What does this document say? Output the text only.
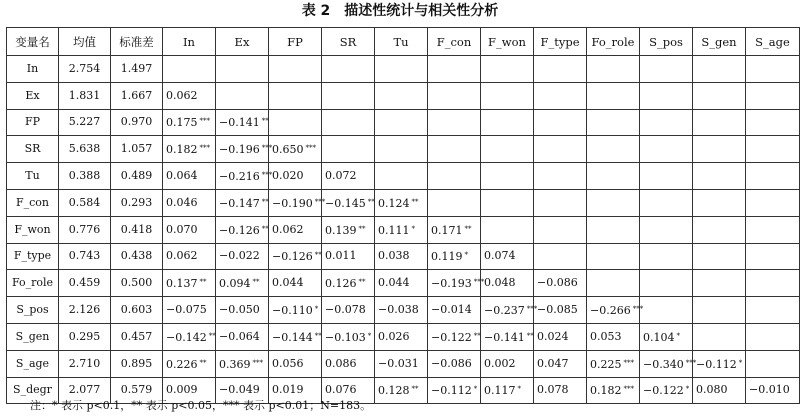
表 2　描述性统计与相关性分析
变量名	均值	标准差	In	Ex	FP	SR	Tu	F_con	F_won	F_type	Fo_role	S_pos	S_gen	S_age
In	2.754	1.497												
Ex	1.831	1.667	0.062											
FP	5.227	0.970	0.175 ***	−0.141 **										
SR	5.638	1.057	0.182 ***	−0.196 ***	0.650 ***									
Tu	0.388	0.489	0.064	−0.216 ***	0.020	0.072								
F_con	0.584	0.293	0.046	−0.147 **	−0.190 ***	−0.145 **	0.124 **							
F_won	0.776	0.418	0.070	−0.126 **	0.062	0.139 **	0.111 *	0.171 **						
F_type	0.743	0.438	0.062	−0.022	−0.126 **	0.011	0.038	0.119 *	0.074					
Fo_role	0.459	0.500	0.137 **	0.094 **	0.044	0.126 **	0.044	−0.193 ***	0.048	−0.086				
S_pos	2.126	0.603	−0.075	−0.050	−0.110 *	−0.078	−0.038	−0.014	−0.237 ***	−0.085	−0.266 ***			
S_gen	0.295	0.457	−0.142 **	−0.064	−0.144 **	−0.103 *	0.026	−0.122 **	−0.141 **	0.024	0.053	0.104 *		
S_age	2.710	0.895	0.226 **	0.369 ***	0.056	0.086	−0.031	−0.086	0.002	0.047	0.225 ***	−0.340 ***	−0.112 *	
S_degr	2.077	0.579	0.009	−0.049	0.019	0.076	0.128 **	−0.112 *	0.117 *	0.078	0.182 ***	−0.122 *	0.080	−0.010
注：* 表示 p<0.1，** 表示 p<0.05，*** 表示 p<0.01；N=183。
